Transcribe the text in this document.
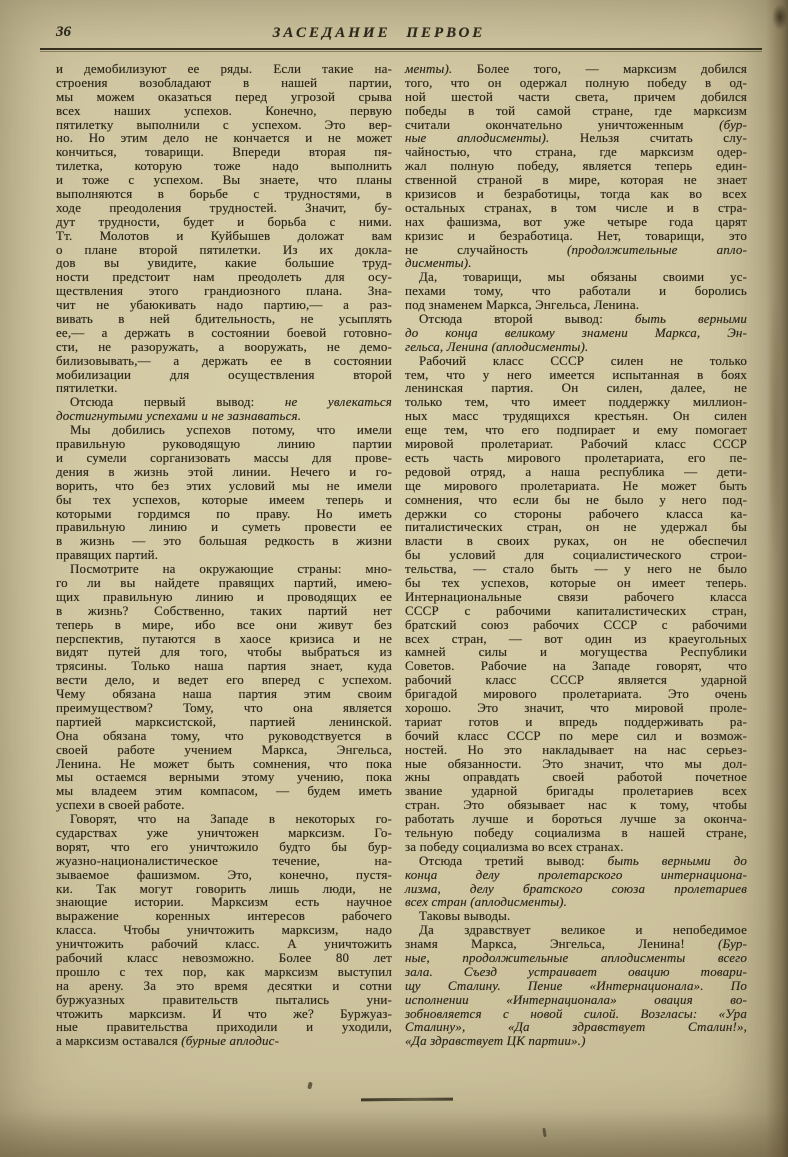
36	ЗАСЕДАНИЕ ПЕРВОЕ
и демобилизуют ее ряды. Если такие на-
строения возобладают в нашей партии,
мы можем оказаться перед угрозой срыва
всех наших успехов. Конечно, первую
пятилетку выполнили с успехом. Это вер-
но. Но этим дело не кончается и не может
кончиться, товарищи. Впереди вторая пя-
тилетка, которую тоже надо выполнить
и тоже с успехом. Вы знаете, что планы
выполняются в борьбе с трудностями, в
ходе преодоления трудностей. Значит, бу-
дут трудности, будет и борьба с ними.
Тт. Молотов и Куйбышев доложат вам
о плане второй пятилетки. Из их докла-
дов вы увидите, какие большие труд-
ности предстоит нам преодолеть для осу-
ществления этого грандиозного плана. Зна-
чит не убаюкивать надо партию,— а раз-
вивать в ней бдительность, не усыплять
ее,— а держать в состоянии боевой готовно-
сти, не разоружать, а вооружать, не демо-
билизовывать,— а держать ее в состоянии
мобилизации для осуществления второй
пятилетки.
Отсюда первый вывод: не увлекаться
достигнутыми успехами и не зазнаваться.
Мы добились успехов потому, что имели
правильную руководящую линию партии
и сумели сорганизовать массы для прове-
дения в жизнь этой линии. Нечего и го-
ворить, что без этих условий мы не имели
бы тех успехов, которые имеем теперь и
которыми гордимся по праву. Но иметь
правильную линию и суметь провести ее
в жизнь — это большая редкость в жизни
правящих партий.
Посмотрите на окружающие страны: мно-
го ли вы найдете правящих партий, имею-
щих правильную линию и проводящих ее
в жизнь? Собственно, таких партий нет
теперь в мире, ибо все они живут без
перспектив, путаются в хаосе кризиса и не
видят путей для того, чтобы выбраться из
трясины. Только наша партия знает, куда
вести дело, и ведет его вперед с успехом.
Чему обязана наша партия этим своим
преимуществом? Тому, что она является
партией марксистской, партией ленинской.
Она обязана тому, что руководствуется в
своей работе учением Маркса, Энгельса,
Ленина. Не может быть сомнения, что пока
мы остаемся верными этому учению, пока
мы владеем этим компасом, — будем иметь
успехи в своей работе.
Говорят, что на Западе в некоторых го-
сударствах уже уничтожен марксизм. Го-
ворят, что его уничтожило будто бы бур-
жуазно-националистическое течение, на-
зываемое фашизмом. Это, конечно, пустя-
ки. Так могут говорить лишь люди, не
знающие истории. Марксизм есть научное
выражение коренных интересов рабочего
класса. Чтобы уничтожить марксизм, надо
уничтожить рабочий класс. А уничтожить
рабочий класс невозможно. Более 80 лет
прошло с тех пор, как марксизм выступил
на арену. За это время десятки и сотни
буржуазных правительств пытались уни-
чтожить марксизм. И что же? Буржуаз-
ные правительства приходили и уходили,
а марксизм оставался (бурные аплодис-
менты). Более того, — марксизм добился
того, что он одержал полную победу в од-
ной шестой части света, причем добился
победы в той самой стране, где марксизм
считали окончательно уничтоженным (бур-
ные аплодисменты). Нельзя считать слу-
чайностью, что страна, где марксизм одер-
жал полную победу, является теперь един-
ственной страной в мире, которая не знает
кризисов и безработицы, тогда как во всех
остальных странах, в том числе и в стра-
нах фашизма, вот уже четыре года царят
кризис и безработица. Нет, товарищи, это
не случайность (продолжительные апло-
дисменты).
Да, товарищи, мы обязаны своими ус-
пехами тому, что работали и боролись
под знаменем Маркса, Энгельса, Ленина.
Отсюда второй вывод: быть верными
до конца великому знамени Маркса, Эн-
гельса, Ленина (аплодисменты).
Рабочий класс СССР силен не только
тем, что у него имеется испытанная в боях
ленинская партия. Он силен, далее, не
только тем, что имеет поддержку миллион-
ных масс трудящихся крестьян. Он силен
еще тем, что его подпирает и ему помогает
мировой пролетариат. Рабочий класс СССР
есть часть мирового пролетариата, его пе-
редовой отряд, а наша республика — дети-
ще мирового пролетариата. Не может быть
сомнения, что если бы не было у него под-
держки со стороны рабочего класса ка-
питалистических стран, он не удержал бы
власти в своих руках, он не обеспечил
бы условий для социалистического строи-
тельства, — стало быть — у него не было
бы тех успехов, которые он имеет теперь.
Интернациональные связи рабочего класса
СССР с рабочими капиталистических стран,
братский союз рабочих СССР с рабочими
всех стран, — вот один из краеугольных
камней силы и могущества Республики
Советов. Рабочие на Западе говорят, что
рабочий класс СССР является ударной
бригадой мирового пролетариата. Это очень
хорошо. Это значит, что мировой проле-
тариат готов и впредь поддерживать ра-
бочий класс СССР по мере сил и возмож-
ностей. Но это накладывает на нас серьез-
ные обязанности. Это значит, что мы дол-
жны оправдать своей работой почетное
звание ударной бригады пролетариев всех
стран. Это обязывает нас к тому, чтобы
работать лучше и бороться лучше за оконча-
тельную победу социализма в нашей стране,
за победу социализма во всех странах.
Отсюда третий вывод: быть верными до
конца делу пролетарского интернациона-
лизма, делу братского союза пролетариев
всех стран (аплодисменты).
Таковы выводы.
Да здравствует великое и непобедимое
знамя Маркса, Энгельса, Ленина! (Бур-
ные, продолжительные аплодисменты всего
зала. Съезд устраивает овацию товари-
щу Сталину. Пение «Интернационала». По
исполнении «Интернационала» овация во-
зобновляется с новой силой. Возгласы: «Ура
Сталину», «Да здравствует Сталин!»,
«Да здравствует ЦК партии».)
